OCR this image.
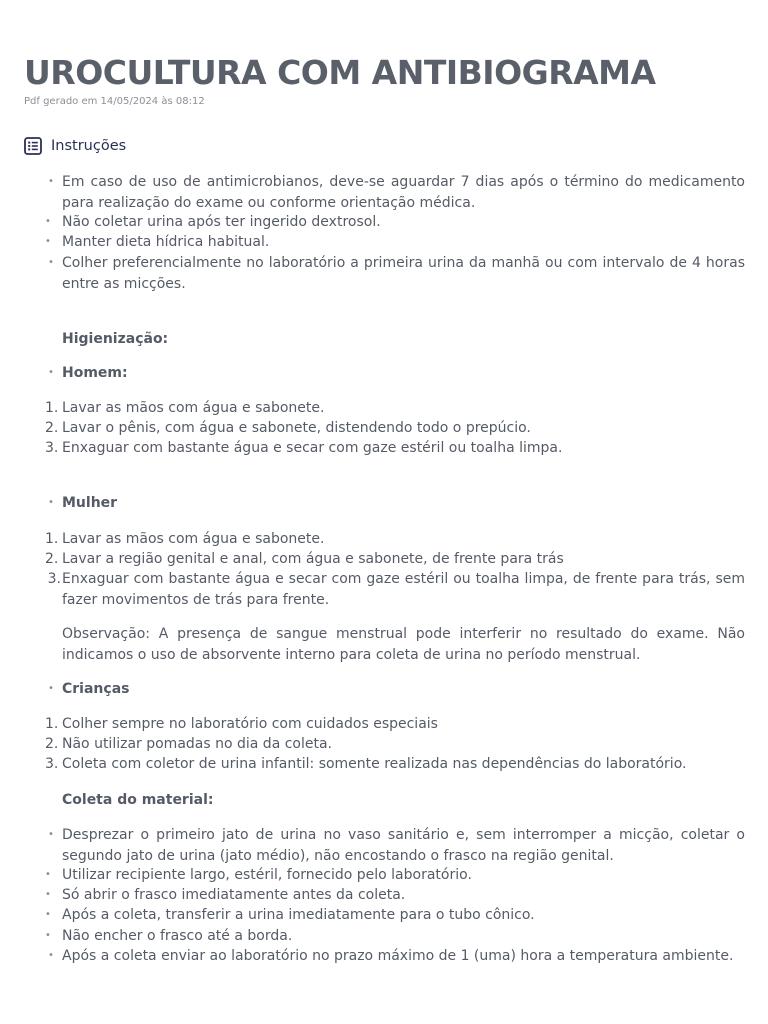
UROCULTURA COM ANTIBIOGRAMA
Pdf gerado em 14/05/2024 às 08:12
Instruções
• Em caso de uso de antimicrobianos, deve-se aguardar 7 dias após o término do medicamento para realização do exame ou conforme orientação médica.
• Não coletar urina após ter ingerido dextrosol.
• Manter dieta hídrica habitual.
• Colher preferencialmente no laboratório a primeira urina da manhã ou com intervalo de 4 horas entre as micções.
Higienização:
• Homem:
1. Lavar as mãos com água e sabonete.
2. Lavar o pênis, com água e sabonete, distendendo todo o prepúcio.
3. Enxaguar com bastante água e secar com gaze estéril ou toalha limpa.
• Mulher
1. Lavar as mãos com água e sabonete.
2. Lavar a região genital e anal, com água e sabonete, de frente para trás
3. Enxaguar com bastante água e secar com gaze estéril ou toalha limpa, de frente para trás, sem fazer movimentos de trás para frente.
Observação: A presença de sangue menstrual pode interferir no resultado do exame. Não indicamos o uso de absorvente interno para coleta de urina no período menstrual.
• Crianças
1. Colher sempre no laboratório com cuidados especiais
2. Não utilizar pomadas no dia da coleta.
3. Coleta com coletor de urina infantil: somente realizada nas dependências do laboratório.
Coleta do material:
• Desprezar o primeiro jato de urina no vaso sanitário e, sem interromper a micção, coletar o segundo jato de urina (jato médio), não encostando o frasco na região genital.
• Utilizar recipiente largo, estéril, fornecido pelo laboratório.
• Só abrir o frasco imediatamente antes da coleta.
• Após a coleta, transferir a urina imediatamente para o tubo cônico.
• Não encher o frasco até a borda.
• Após a coleta enviar ao laboratório no prazo máximo de 1 (uma) hora a temperatura ambiente.
